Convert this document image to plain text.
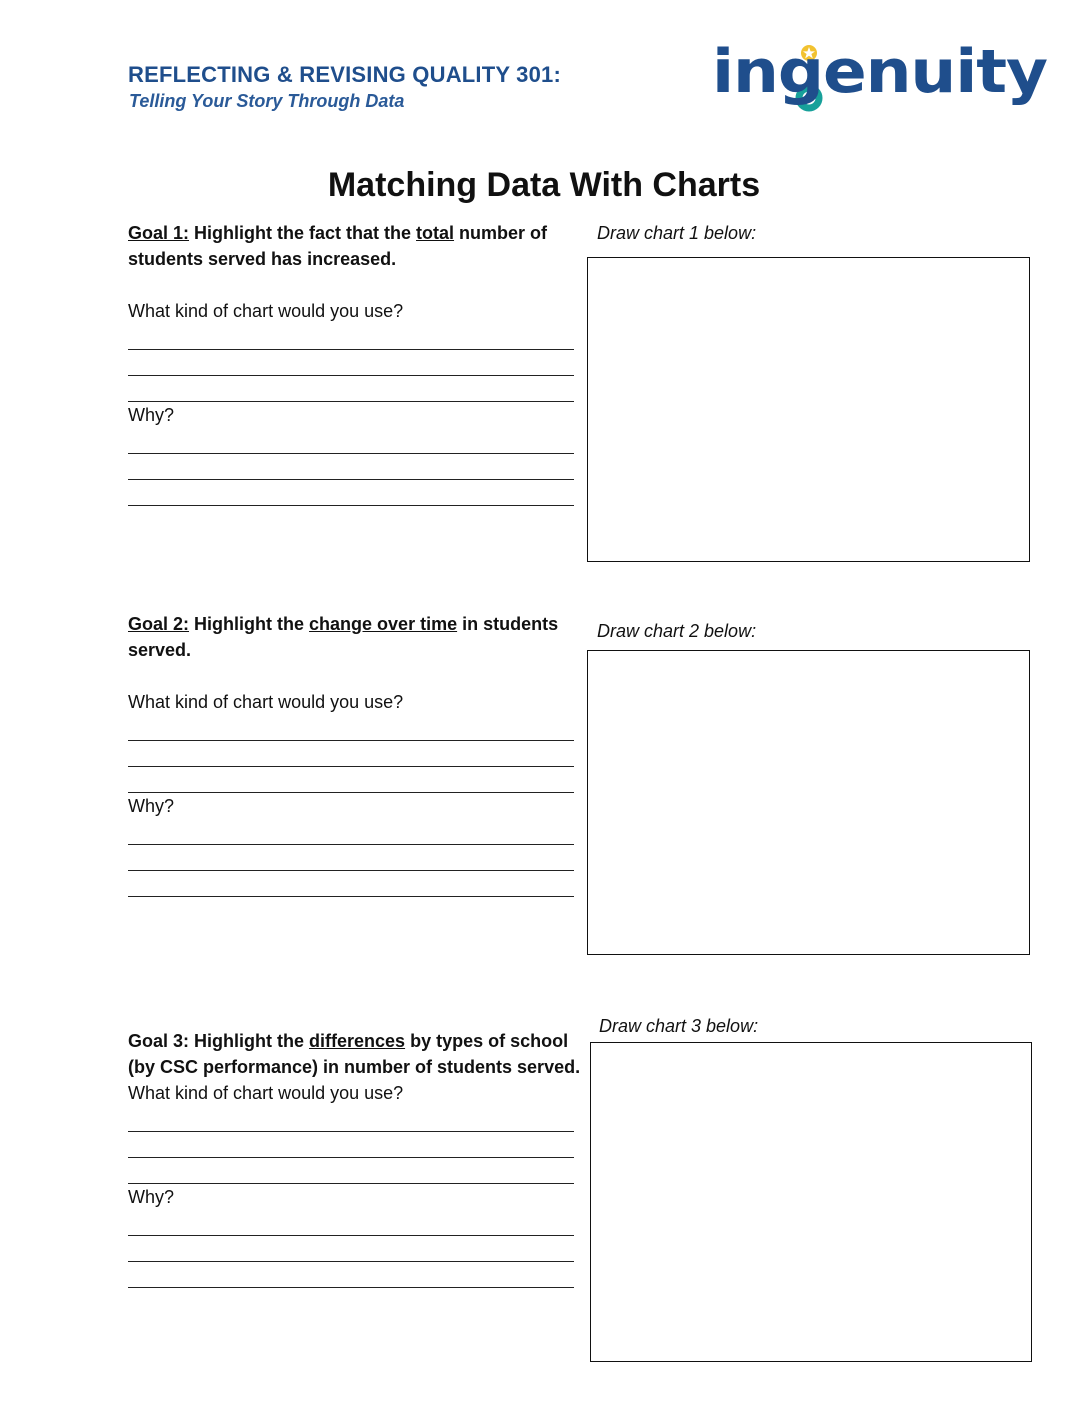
REFLECTING & REVISING QUALITY 301:
Telling Your Story Through Data	ingenuity
Matching Data With Charts

Goal 1: Highlight the fact that the total number of students served has increased.

What kind of chart would you use?

Why?

Draw chart 1 below:

Goal 2: Highlight the change over time in students served.

What kind of chart would you use?

Why?

Draw chart 2 below:

Goal 3: Highlight the differences by types of school (by CSC performance) in number of students served.

What kind of chart would you use?

Why?

Draw chart 3 below:
